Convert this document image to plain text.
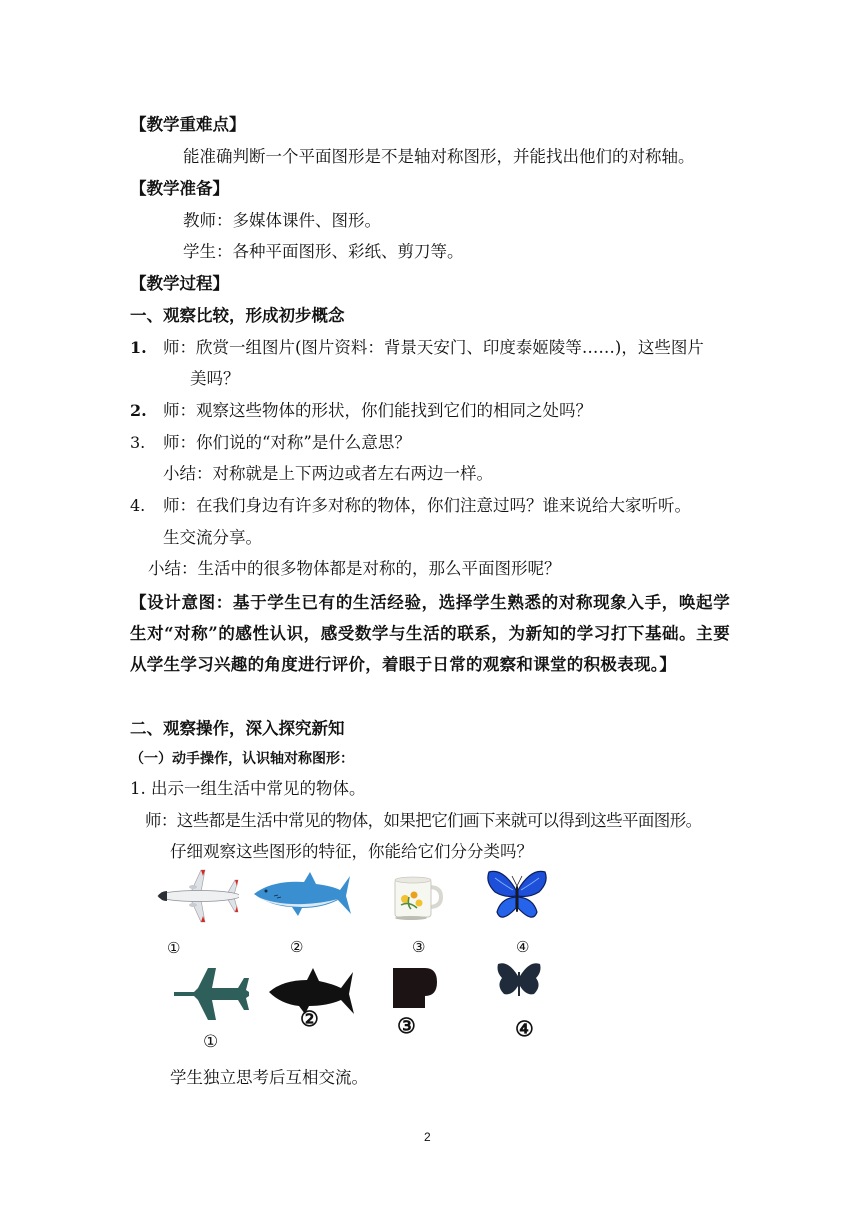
【教学重难点】
能准确判断一个平面图形是不是轴对称图形，并能找出他们的对称轴。
【教学准备】
教师：多媒体课件、图形。
学生：各种平面图形、彩纸、剪刀等。
【教学过程】
一、观察比较，形成初步概念
1. 师：欣赏一组图片(图片资料：背景天安门、印度泰姬陵等……)，这些图片
美吗？
2. 师：观察这些物体的形状，你们能找到它们的相同之处吗？
3. 师：你们说的“对称”是什么意思？
小结：对称就是上下两边或者左右两边一样。
4. 师：在我们身边有许多对称的物体，你们注意过吗？谁来说给大家听听。
生交流分享。
小结：生活中的很多物体都是对称的，那么平面图形呢？
【设计意图：基于学生已有的生活经验，选择学生熟悉的对称现象入手，唤起学生对“对称”的感性认识，感受数学与生活的联系，为新知的学习打下基础。主要从学生学习兴趣的角度进行评价，着眼于日常的观察和课堂的积极表现。】
二、观察操作，深入探究新知
（一）动手操作，认识轴对称图形：
1. 出示一组生活中常见的物体。
师：这些都是生活中常见的物体，如果把它们画下来就可以得到这些平面图形。
仔细观察这些图形的特征，你能给它们分分类吗？
①	②	③	④
②	③	④
①
学生独立思考后互相交流。
2
